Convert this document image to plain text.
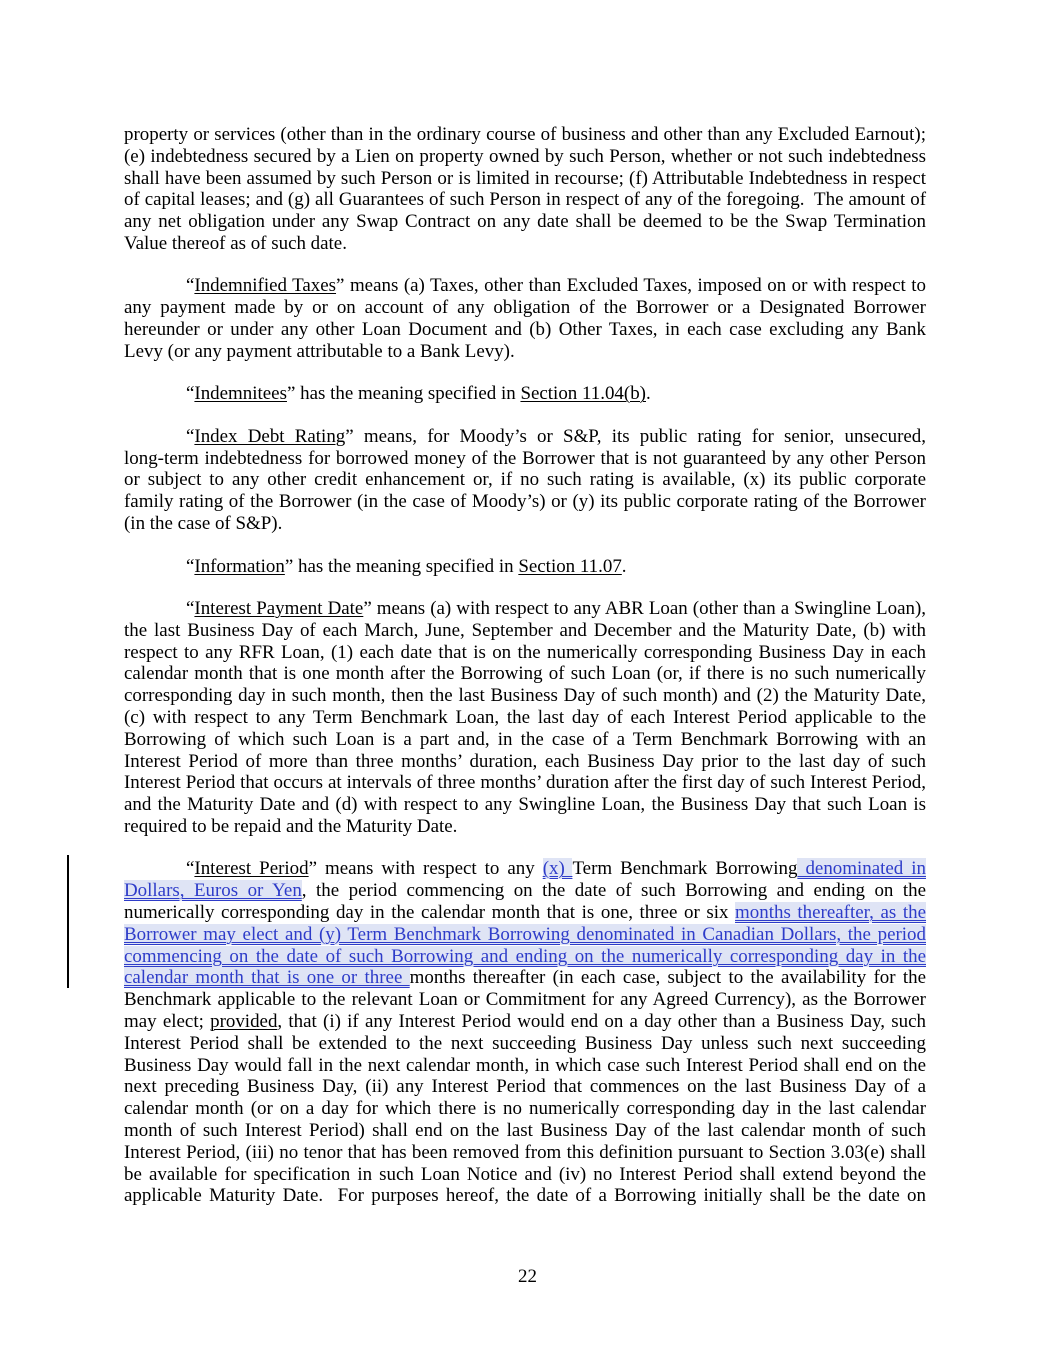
property or services (other than in the ordinary course of business and other than any Excluded Earnout);
(e) indebtedness secured by a Lien on property owned by such Person, whether or not such indebtedness
shall have been assumed by such Person or is limited in recourse; (f) Attributable Indebtedness in respect
of capital leases; and (g) all Guarantees of such Person in respect of any of the foregoing.  The amount of
any net obligation under any Swap Contract on any date shall be deemed to be the Swap Termination
Value thereof as of such date.
“Indemnified Taxes” means (a) Taxes, other than Excluded Taxes, imposed on or with respect to
any payment made by or on account of any obligation of the Borrower or a Designated Borrower
hereunder or under any other Loan Document and (b) Other Taxes, in each case excluding any Bank
Levy (or any payment attributable to a Bank Levy).
“Indemnitees” has the meaning specified in Section 11.04(b).
“Index Debt Rating” means, for Moody’s or S&P, its public rating for senior, unsecured,
long-term indebtedness for borrowed money of the Borrower that is not guaranteed by any other Person
or subject to any other credit enhancement or, if no such rating is available, (x) its public corporate
family rating of the Borrower (in the case of Moody’s) or (y) its public corporate rating of the Borrower
(in the case of S&P).
“Information” has the meaning specified in Section 11.07.
“Interest Payment Date” means (a) with respect to any ABR Loan (other than a Swingline Loan),
the last Business Day of each March, June, September and December and the Maturity Date, (b) with
respect to any RFR Loan, (1) each date that is on the numerically corresponding Business Day in each
calendar month that is one month after the Borrowing of such Loan (or, if there is no such numerically
corresponding day in such month, then the last Business Day of such month) and (2) the Maturity Date,
(c) with respect to any Term Benchmark Loan, the last day of each Interest Period applicable to the
Borrowing of which such Loan is a part and, in the case of a Term Benchmark Borrowing with an
Interest Period of more than three months’ duration, each Business Day prior to the last day of such
Interest Period that occurs at intervals of three months’ duration after the first day of such Interest Period,
and the Maturity Date and (d) with respect to any Swingline Loan, the Business Day that such Loan is
required to be repaid and the Maturity Date.
“Interest Period” means with respect to any (x) Term Benchmark Borrowing denominated in
Dollars, Euros or Yen, the period commencing on the date of such Borrowing and ending on the
numerically corresponding day in the calendar month that is one, three or six months thereafter, as the
Borrower may elect and (y) Term Benchmark Borrowing denominated in Canadian Dollars, the period
commencing on the date of such Borrowing and ending on the numerically corresponding day in the
calendar month that is one or three months thereafter (in each case, subject to the availability for the
Benchmark applicable to the relevant Loan or Commitment for any Agreed Currency), as the Borrower
may elect; provided, that (i) if any Interest Period would end on a day other than a Business Day, such
Interest Period shall be extended to the next succeeding Business Day unless such next succeeding
Business Day would fall in the next calendar month, in which case such Interest Period shall end on the
next preceding Business Day, (ii) any Interest Period that commences on the last Business Day of a
calendar month (or on a day for which there is no numerically corresponding day in the last calendar
month of such Interest Period) shall end on the last Business Day of the last calendar month of such
Interest Period, (iii) no tenor that has been removed from this definition pursuant to Section 3.03(e) shall
be available for specification in such Loan Notice and (iv) no Interest Period shall extend beyond the
applicable Maturity Date.  For purposes hereof, the date of a Borrowing initially shall be the date on
22
